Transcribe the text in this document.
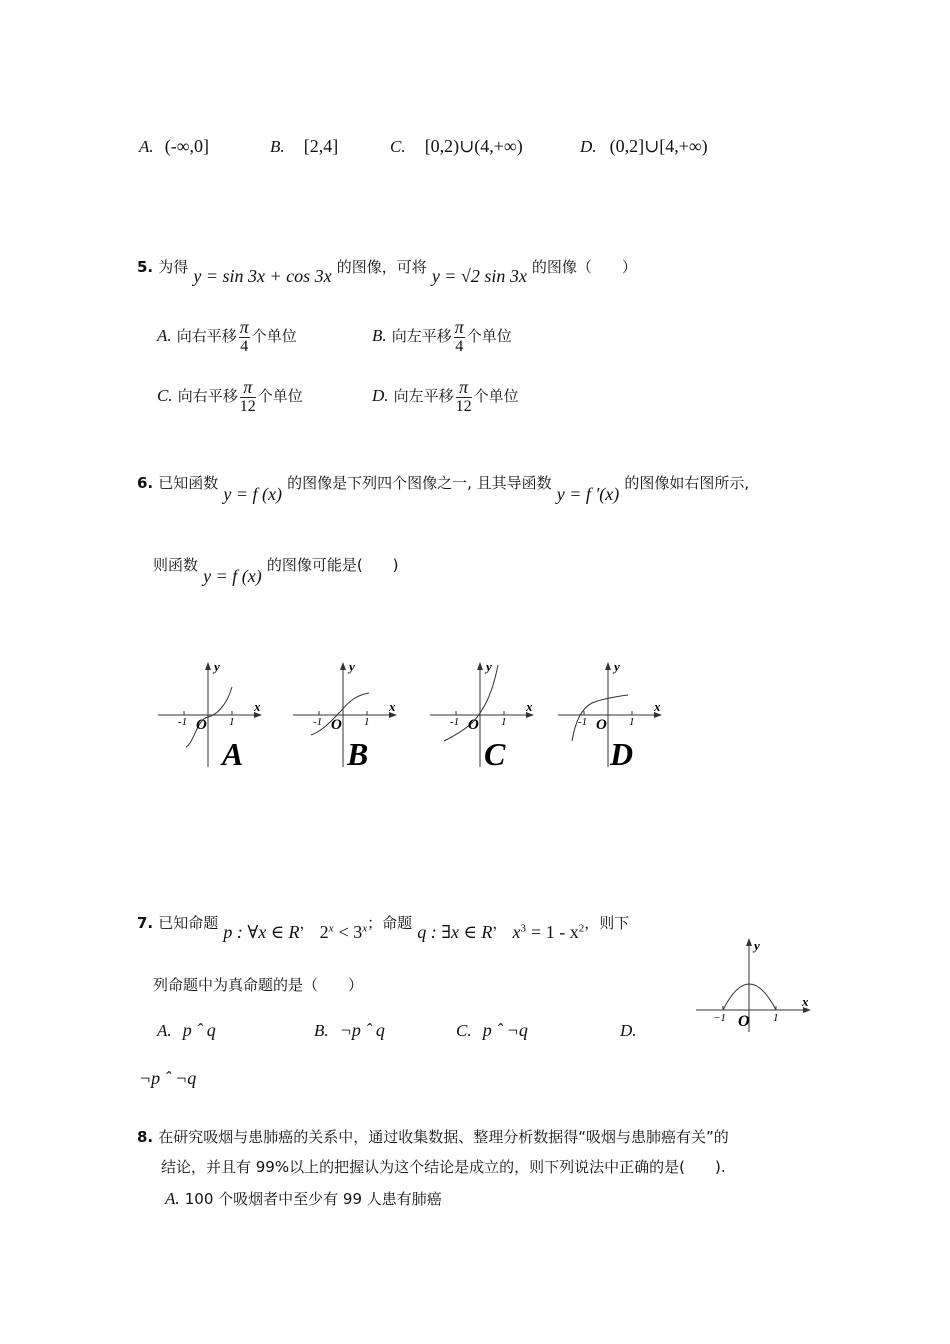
A. (-∞,0]	B. [2,4]	C. [0,2)∪(4,+∞)	D. (0,2]∪[4,+∞)
5. 为得 y = sin 3x + cos 3x 的图像，可将 y = √2 sin 3x 的图像（　　）
A. 向右平移 $\frac{\pi}{4}$ 个单位	B. 向左平移 $\frac{\pi}{4}$ 个单位
C. 向右平移 $\frac{\pi}{12}$ 个单位	D. 向左平移 $\frac{\pi}{12}$ 个单位
6. 已知函数 y = f (x) 的图像是下列四个图像之一, 且其导函数 y = f ′(x) 的图像如右图所示,
则函数 y = f (x) 的图像可能是(　　)
-1	1
O
y
x
A
-1	1
O
y
x
B
-1	1
O
y
x
C
-1	1
O
y
x
D
−1	1
O
y
x
7. 已知命题 p : ∀x ∈ R， $2^x < 3^x$；命题 q : ∃x ∈ R， $x^3 = 1 - x^2$，则下
列命题中为真命题的是（　　）
A. p ˆ q	B. ¬p ˆ q	C. p ˆ ¬q	D.
¬p ˆ ¬q
8. 在研究吸烟与患肺癌的关系中，通过收集数据、整理分析数据得“吸烟与患肺癌有关”的
结论，并且有 99%以上的把握认为这个结论是成立的，则下列说法中正确的是(　　).
A. 100 个吸烟者中至少有 99 人患有肺癌
